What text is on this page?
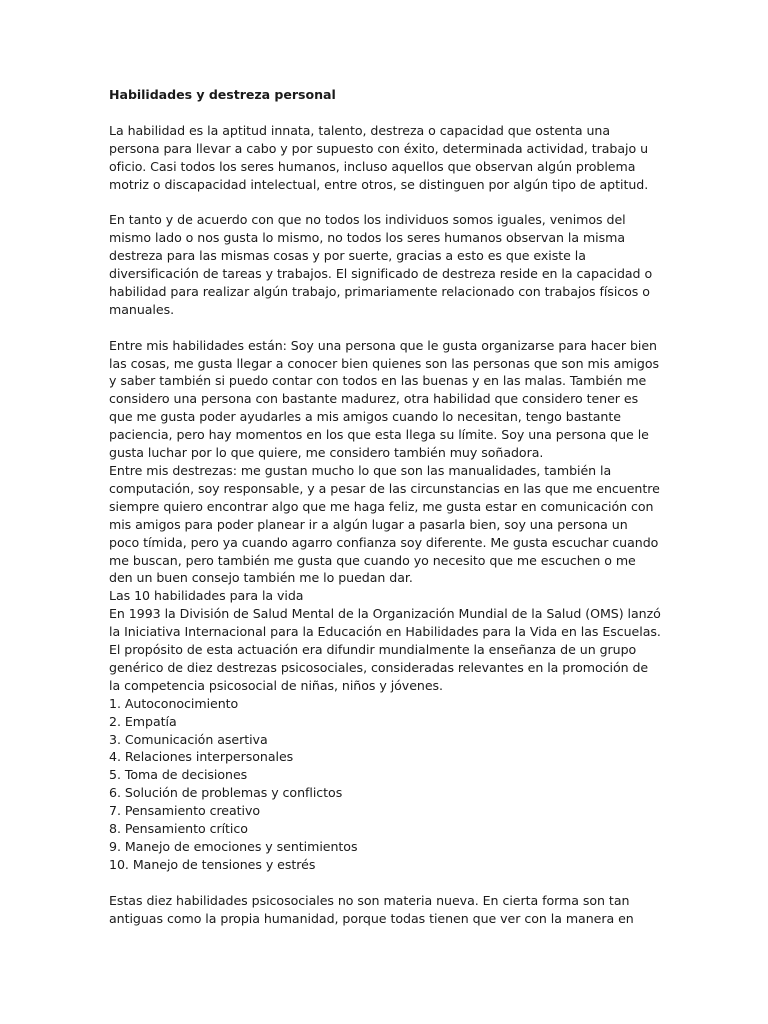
Habilidades y destreza personal

La habilidad es la aptitud innata, talento, destreza o capacidad que ostenta una persona para llevar a cabo y por supuesto con éxito, determinada actividad, trabajo u oficio. Casi todos los seres humanos, incluso aquellos que observan algún problema motriz o discapacidad intelectual, entre otros, se distinguen por algún tipo de aptitud.

En tanto y de acuerdo con que no todos los individuos somos iguales, venimos del mismo lado o nos gusta lo mismo, no todos los seres humanos observan la misma destreza para las mismas cosas y por suerte, gracias a esto es que existe la diversificación de tareas y trabajos. El significado de destreza reside en la capacidad o habilidad para realizar algún trabajo, primariamente relacionado con trabajos físicos o manuales.

Entre mis habilidades están: Soy una persona que le gusta organizarse para hacer bien las cosas, me gusta llegar a conocer bien quienes son las personas que son mis amigos y saber también si puedo contar con todos en las buenas y en las malas. También me considero una persona con bastante madurez, otra habilidad que considero tener es que me gusta poder ayudarles a mis amigos cuando lo necesitan, tengo bastante paciencia, pero hay momentos en los que esta llega su límite. Soy una persona que le gusta luchar por lo que quiere, me considero también muy soñadora.

Entre mis destrezas: me gustan mucho lo que son las manualidades, también la computación, soy responsable, y a pesar de las circunstancias en las que me encuentre siempre quiero encontrar algo que me haga feliz, me gusta estar en comunicación con mis amigos para poder planear ir a algún lugar a pasarla bien, soy una persona un poco tímida, pero ya cuando agarro confianza soy diferente. Me gusta escuchar cuando me buscan, pero también me gusta que cuando yo necesito que me escuchen o me den un buen consejo también me lo puedan dar.

Las 10 habilidades para la vida

En 1993 la División de Salud Mental de la Organización Mundial de la Salud (OMS) lanzó la Iniciativa Internacional para la Educación en Habilidades para la Vida en las Escuelas. El propósito de esta actuación era difundir mundialmente la enseñanza de un grupo genérico de diez destrezas psicosociales, consideradas relevantes en la promoción de la competencia psicosocial de niñas, niños y jóvenes.

1. Autoconocimiento
2. Empatía
3. Comunicación asertiva
4. Relaciones interpersonales
5. Toma de decisiones
6. Solución de problemas y conflictos
7. Pensamiento creativo
8. Pensamiento crítico
9. Manejo de emociones y sentimientos
10. Manejo de tensiones y estrés

Estas diez habilidades psicosociales no son materia nueva. En cierta forma son tan antiguas como la propia humanidad, porque todas tienen que ver con la manera en
